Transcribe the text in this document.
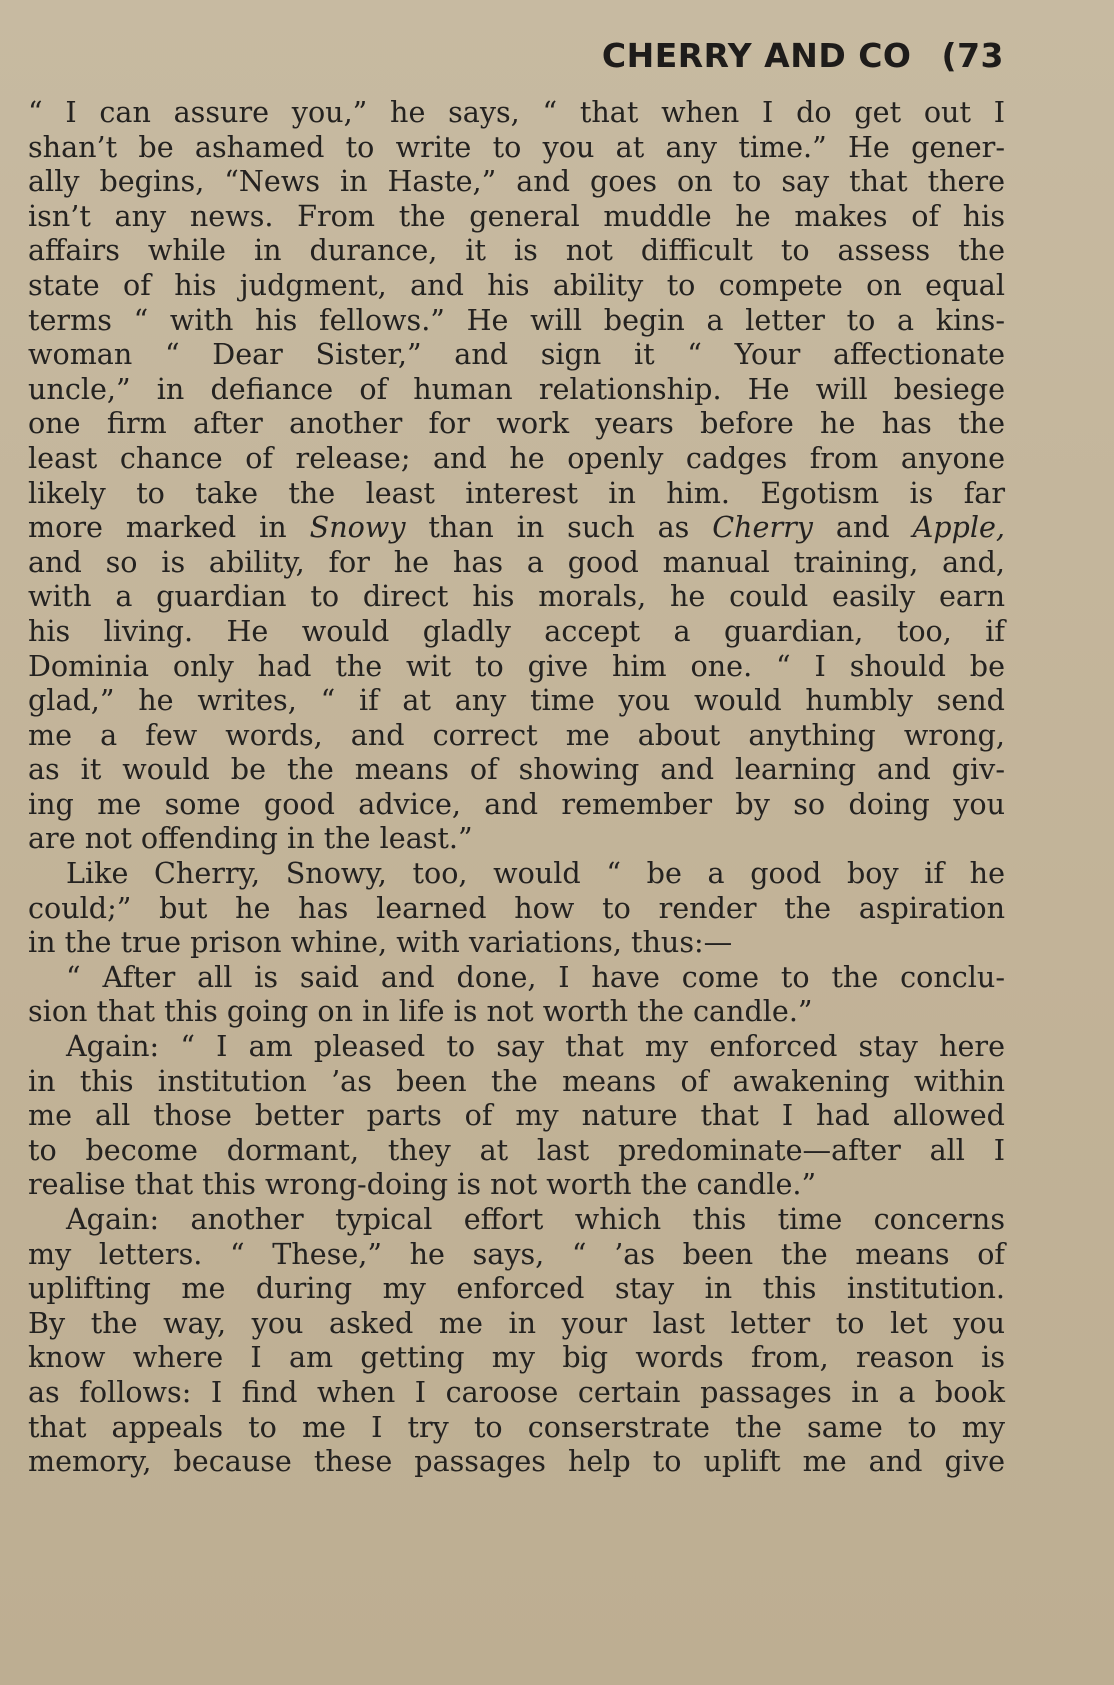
CHERRY AND CO (73
“ I can assure you,” he says, “ that when I do get out I
shan’t be ashamed to write to you at any time.” He gener-
ally begins, “News in Haste,” and goes on to say that there
isn’t any news. From the general muddle he makes of his
affairs while in durance, it is not difficult to assess the
state of his judgment, and his ability to compete on equal
terms “ with his fellows.” He will begin a letter to a kins-
woman “ Dear Sister,” and sign it “ Your affectionate
uncle,” in defiance of human relationship. He will besiege
one firm after another for work years before he has the
least chance of release; and he openly cadges from anyone
likely to take the least interest in him. Egotism is far
more marked in Snowy than in such as Cherry and Apple,
and so is ability, for he has a good manual training, and,
with a guardian to direct his morals, he could easily earn
his living. He would gladly accept a guardian, too, if
Dominia only had the wit to give him one. “ I should be
glad,” he writes, “ if at any time you would humbly send
me a few words, and correct me about anything wrong,
as it would be the means of showing and learning and giv-
ing me some good advice, and remember by so doing you
are not offending in the least.”
Like Cherry, Snowy, too, would “ be a good boy if he
could;” but he has learned how to render the aspiration
in the true prison whine, with variations, thus:—
“ After all is said and done, I have come to the conclu-
sion that this going on in life is not worth the candle.”
Again: “ I am pleased to say that my enforced stay here
in this institution ’as been the means of awakening within
me all those better parts of my nature that I had allowed
to become dormant, they at last predominate—after all I
realise that this wrong-doing is not worth the candle.”
Again: another typical effort which this time concerns
my letters. “ These,” he says, “ ’as been the means of
uplifting me during my enforced stay in this institution.
By the way, you asked me in your last letter to let you
know where I am getting my big words from, reason is
as follows: I find when I caroose certain passages in a book
that appeals to me I try to conserstrate the same to my
memory, because these passages help to uplift me and give
